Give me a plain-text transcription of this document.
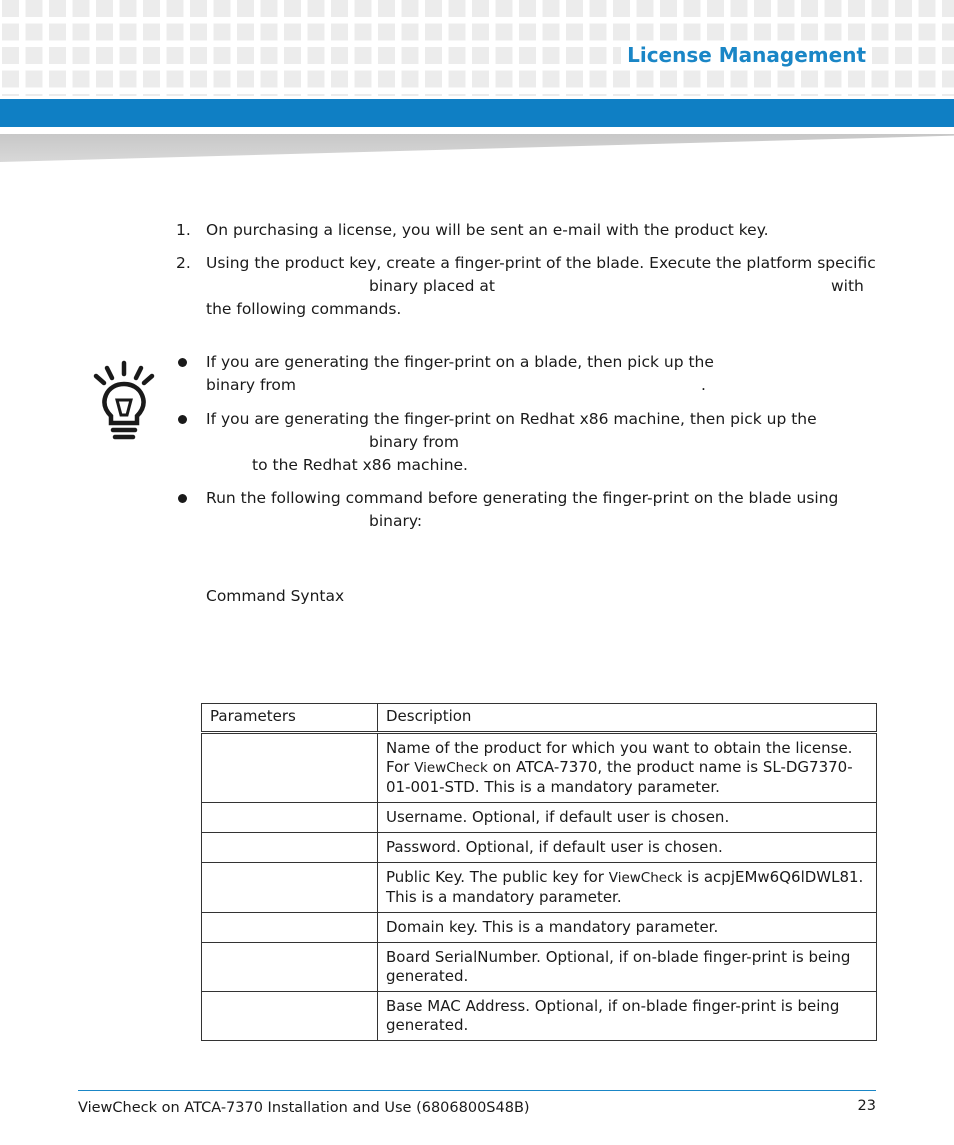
License Management
1. On purchasing a license, you will be sent an e-mail with the product key.
2. Using the product key, create a finger-print of the blade. Execute the platform specific
binary placed at	with
the following commands.
If you are generating the finger-print on a blade, then pick up the
binary from	.
If you are generating the finger-print on Redhat x86 machine, then pick up the
binary from
to the Redhat x86 machine.
Run the following command before generating the finger-print on the blade using
binary:
Command Syntax
Parameters	Description
	Name of the product for which you want to obtain the license. For ViewCheck on ATCA-7370, the product name is SL-DG7370-01-001-STD. This is a mandatory parameter.
	Username. Optional, if default user is chosen.
	Password. Optional, if default user is chosen.
	Public Key. The public key for ViewCheck is acpjEMw6Q6lDWL81. This is a mandatory parameter.
	Domain key. This is a mandatory parameter.
	Board SerialNumber. Optional, if on-blade finger-print is being generated.
	Base MAC Address. Optional, if on-blade finger-print is being generated.
ViewCheck on ATCA-7370 Installation and Use (6806800S48B)	23
